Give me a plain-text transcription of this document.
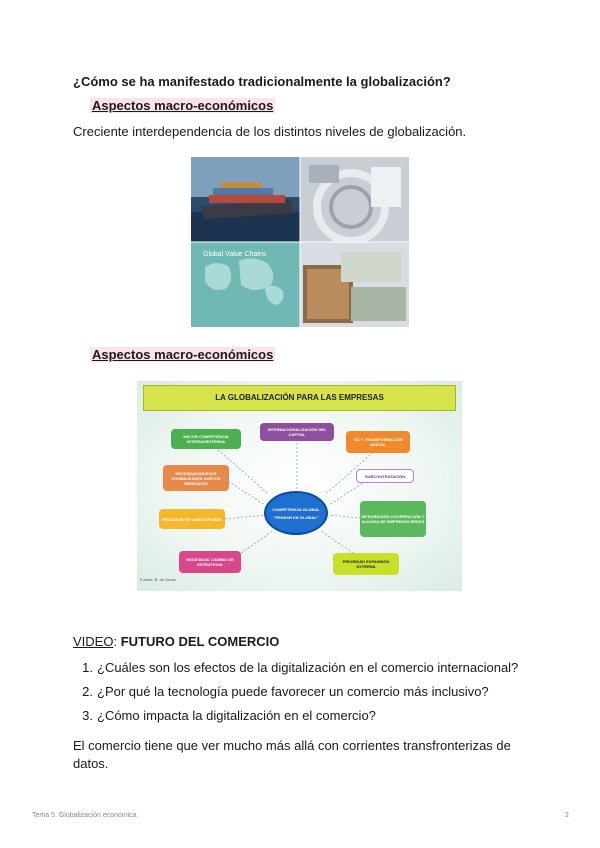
¿Cómo se ha manifestado tradicionalmente la globalización?
Aspectos macro-económicos
Creciente interdependencia de los distintos niveles de globalización.
Global Value Chains
Aspectos macro-económicos
LA GLOBALIZACIÓN PARA LAS EMPRESAS
MAYOR COMPETENCIA INTERNA/EXTERNA
INTERNACIONALIZACIÓN DEL CAPITAL
TIC Y TRANSFORMACIÓN DIGITAL
NECESIDAD/NUEVAS POSIBILIDADES NUEVOS MERCADOS
SUBCONTRATACIÓN
PRODUCIR EN VARIOS PAÍSES
COMPETENCIA GLOBAL
"PENSAR EN GLOBAL"	INTEGRACIÓN COOPERACIÓN Y ALIANZA DE EMPRESAS REDES
NECESIDAD CAMBIO DE ESTRATEGIA
PRIORIDAD EXPANSIÓN EXTERNA
Fuente: B. de Durán
VIDEO: FUTURO DEL COMERCIO
1. ¿Cuáles son los efectos de la digitalización en el comercio internacional?
2. ¿Por qué la tecnología puede favorecer un comercio más inclusivo?
3. ¿Cómo impacta la digitalización en el comercio?
El comercio tiene que ver mucho más allá con corrientes transfronterizas de datos.
Tema 5. Globalización económica	2
